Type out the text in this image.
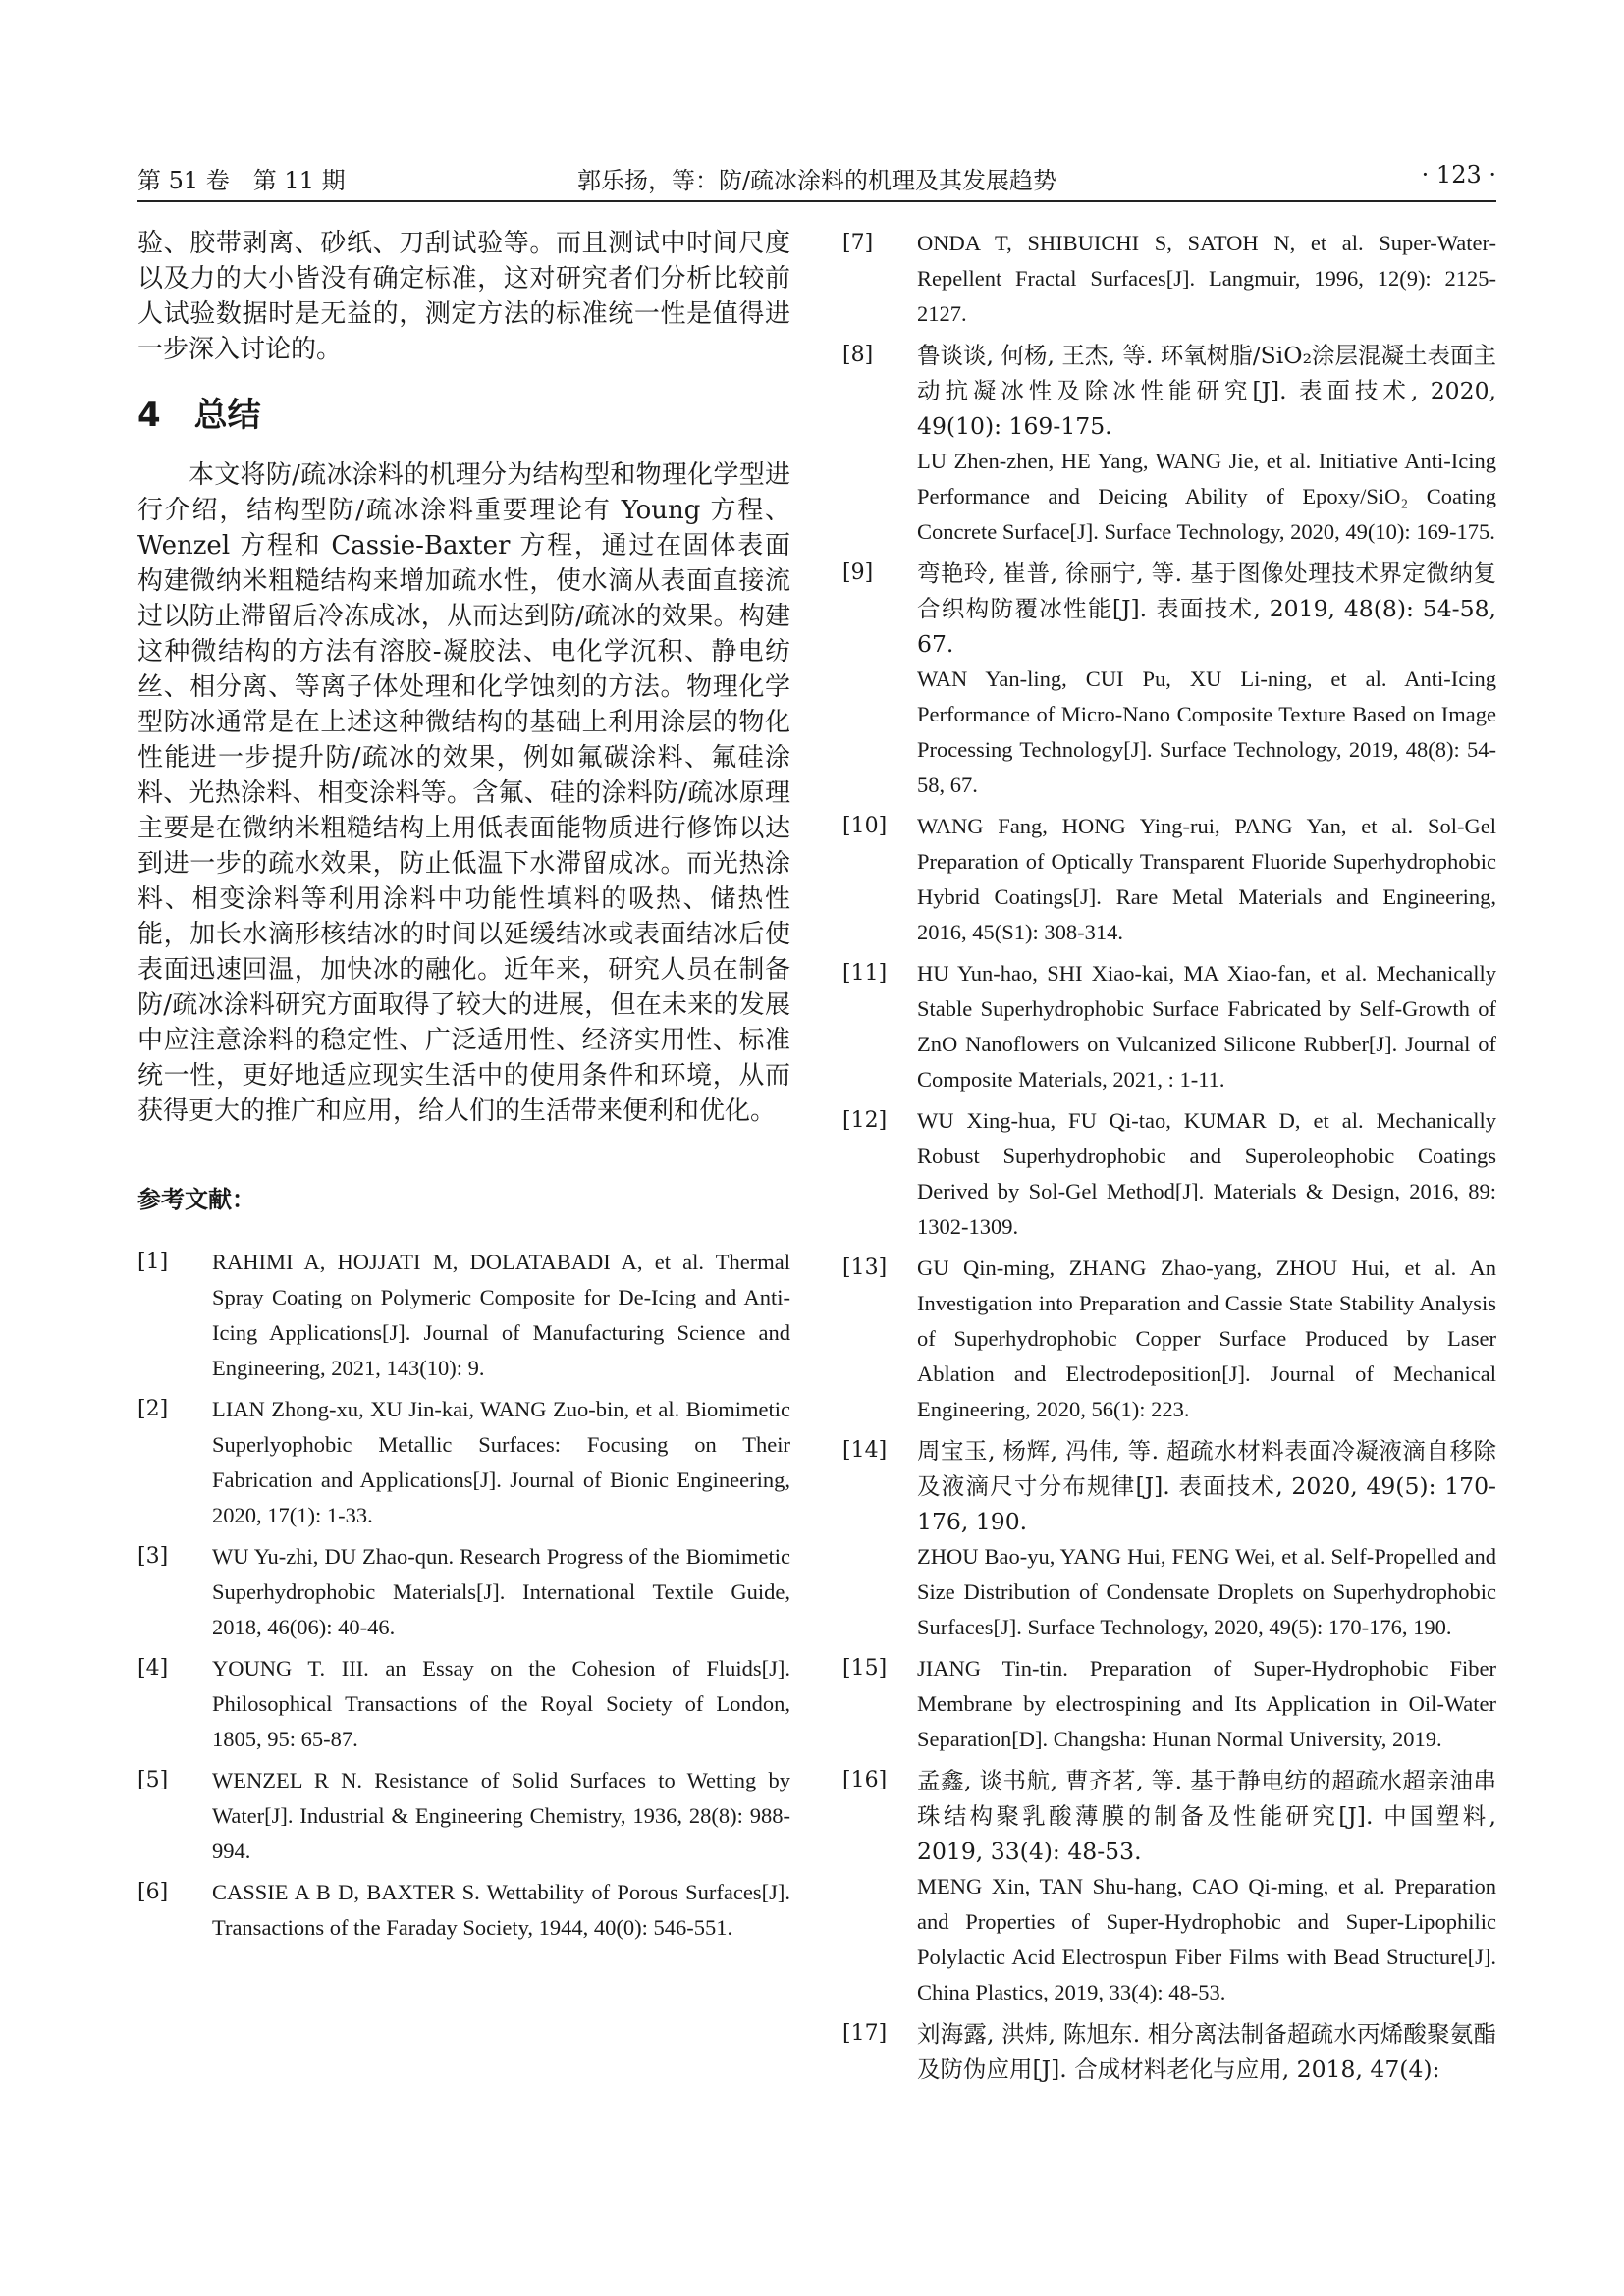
第 51 卷　第 11 期	郭乐扬，等：防/疏冰涂料的机理及其发展趋势	· 123 ·

验、胶带剥离、砂纸、刀刮试验等。而且测试中时间尺度以及力的大小皆没有确定标准，这对研究者们分析比较前人试验数据时是无益的，测定方法的标准统一性是值得进一步深入讨论的。

4　总结

本文将防/疏冰涂料的机理分为结构型和物理化学型进行介绍，结构型防/疏冰涂料重要理论有 Young 方程、Wenzel 方程和 Cassie-Baxter 方程，通过在固体表面构建微纳米粗糙结构来增加疏水性，使水滴从表面直接流过以防止滞留后冷冻成冰，从而达到防/疏冰的效果。构建这种微结构的方法有溶胶-凝胶法、电化学沉积、静电纺丝、相分离、等离子体处理和化学蚀刻的方法。物理化学型防冰通常是在上述这种微结构的基础上利用涂层的物化性能进一步提升防/疏冰的效果，例如氟碳涂料、氟硅涂料、光热涂料、相变涂料等。含氟、硅的涂料防/疏冰原理主要是在微纳米粗糙结构上用低表面能物质进行修饰以达到进一步的疏水效果，防止低温下水滞留成冰。而光热涂料、相变涂料等利用涂料中功能性填料的吸热、储热性能，加长水滴形核结冰的时间以延缓结冰或表面结冰后使表面迅速回温，加快冰的融化。近年来，研究人员在制备防/疏冰涂料研究方面取得了较大的进展，但在未来的发展中应注意涂料的稳定性、广泛适用性、经济实用性、标准统一性，更好地适应现实生活中的使用条件和环境，从而获得更大的推广和应用，给人们的生活带来便利和优化。

参考文献：

[1] RAHIMI A, HOJJATI M, DOLATABADI A, et al. Thermal Spray Coating on Polymeric Composite for De-Icing and Anti-Icing Applications[J]. Journal of Manufacturing Science and Engineering, 2021, 143(10): 9.

[2] LIAN Zhong-xu, XU Jin-kai, WANG Zuo-bin, et al. Biomimetic Superlyophobic Metallic Surfaces: Focusing on Their Fabrication and Applications[J]. Journal of Bionic Engineering, 2020, 17(1): 1-33.

[3] WU Yu-zhi, DU Zhao-qun. Research Progress of the Biomimetic Superhydrophobic Materials[J]. International Textile Guide, 2018, 46(06): 40-46.

[4] YOUNG T. III. an Essay on the Cohesion of Fluids[J]. Philosophical Transactions of the Royal Society of London, 1805, 95: 65-87.

[5] WENZEL R N. Resistance of Solid Surfaces to Wetting by Water[J]. Industrial & Engineering Chemistry, 1936, 28(8): 988-994.

[6] CASSIE A B D, BAXTER S. Wettability of Porous Surfaces[J]. Transactions of the Faraday Society, 1944, 40(0): 546-551.

[7] ONDA T, SHIBUICHI S, SATOH N, et al. Super-Water-Repellent Fractal Surfaces[J]. Langmuir, 1996, 12(9): 2125-2127.

[8] 鲁谈谈, 何杨, 王杰, 等. 环氧树脂/SiO₂涂层混凝土表面主动抗凝冰性及除冰性能研究[J]. 表面技术, 2020, 49(10): 169-175.

LU Zhen-zhen, HE Yang, WANG Jie, et al. Initiative Anti-Icing Performance and Deicing Ability of Epoxy/SiO₂ Coating Concrete Surface[J]. Surface Technology, 2020, 49(10): 169-175.

[9] 弯艳玲, 崔普, 徐丽宁, 等. 基于图像处理技术界定微纳复合织构防覆冰性能[J]. 表面技术, 2019, 48(8): 54-58, 67.

WAN Yan-ling, CUI Pu, XU Li-ning, et al. Anti-Icing Performance of Micro-Nano Composite Texture Based on Image Processing Technology[J]. Surface Technology, 2019, 48(8): 54-58, 67.

[10] WANG Fang, HONG Ying-rui, PANG Yan, et al. Sol-Gel Preparation of Optically Transparent Fluoride Superhydrophobic Hybrid Coatings[J]. Rare Metal Materials and Engineering, 2016, 45(S1): 308-314.

[11] HU Yun-hao, SHI Xiao-kai, MA Xiao-fan, et al. Mechanically Stable Superhydrophobic Surface Fabricated by Self-Growth of ZnO Nanoflowers on Vulcanized Silicone Rubber[J]. Journal of Composite Materials, 2021, : 1-11.

[12] WU Xing-hua, FU Qi-tao, KUMAR D, et al. Mechanically Robust Superhydrophobic and Superoleophobic Coatings Derived by Sol-Gel Method[J]. Materials & Design, 2016, 89: 1302-1309.

[13] GU Qin-ming, ZHANG Zhao-yang, ZHOU Hui, et al. An Investigation into Preparation and Cassie State Stability Analysis of Superhydrophobic Copper Surface Produced by Laser Ablation and Electrodeposition[J]. Journal of Mechanical Engineering, 2020, 56(1): 223.

[14] 周宝玉, 杨辉, 冯伟, 等. 超疏水材料表面冷凝液滴自移除及液滴尺寸分布规律[J]. 表面技术, 2020, 49(5): 170-176, 190.

ZHOU Bao-yu, YANG Hui, FENG Wei, et al. Self-Propelled and Size Distribution of Condensate Droplets on Superhydrophobic Surfaces[J]. Surface Technology, 2020, 49(5): 170-176, 190.

[15] JIANG Tin-tin. Preparation of Super-Hydrophobic Fiber Membrane by electrospining and Its Application in Oil-Water Separation[D]. Changsha: Hunan Normal University, 2019.

[16] 孟鑫, 谈书航, 曹齐茗, 等. 基于静电纺的超疏水超亲油串珠结构聚乳酸薄膜的制备及性能研究[J]. 中国塑料, 2019, 33(4): 48-53.

MENG Xin, TAN Shu-hang, CAO Qi-ming, et al. Preparation and Properties of Super-Hydrophobic and Super-Lipophilic Polylactic Acid Electrospun Fiber Films with Bead Structure[J]. China Plastics, 2019, 33(4): 48-53.

[17] 刘海露, 洪炜, 陈旭东. 相分离法制备超疏水丙烯酸聚氨酯及防伪应用[J]. 合成材料老化与应用, 2018, 47(4):
